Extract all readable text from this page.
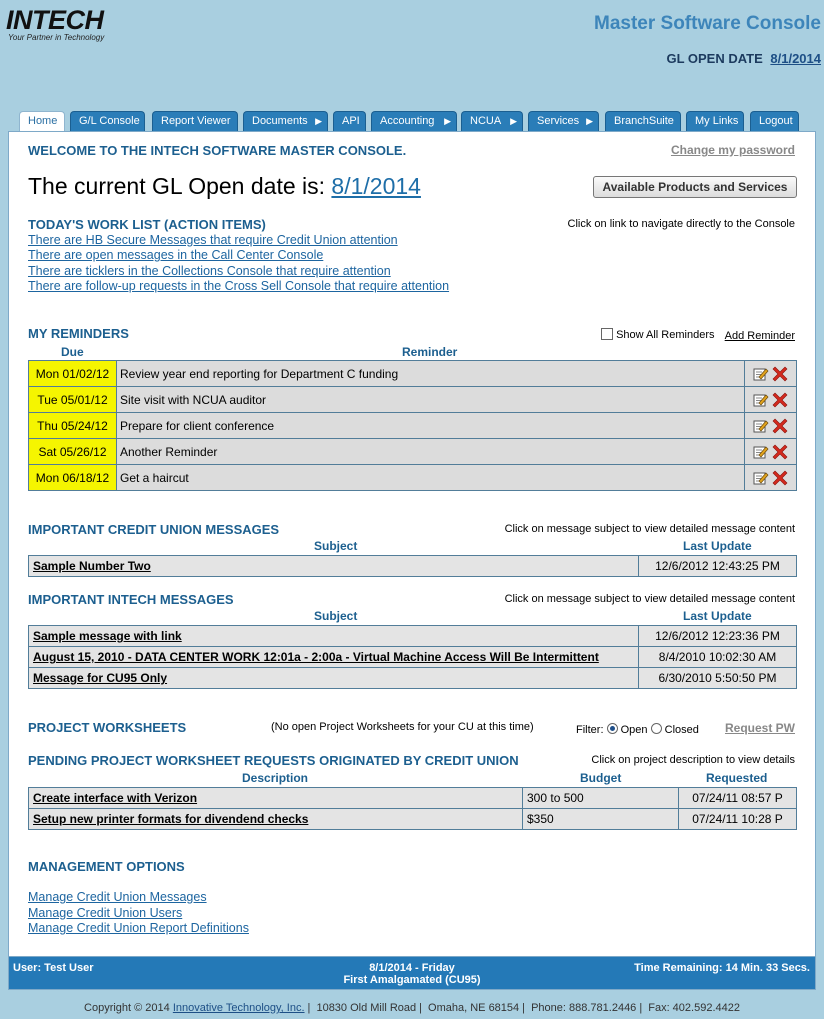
INTECH
Your Partner in Technology
Master Software Console
GL OPEN DATE 8/1/2014
Home	G/L Console	Report Viewer	Documents ▶	API	Accounting ▶	NCUA ▶	Services ▶	BranchSuite	My Links	Logout
WELCOME TO THE INTECH SOFTWARE MASTER CONSOLE.	Change my password
The current GL Open date is: 8/1/2014	Available Products and Services
TODAY'S WORK LIST (ACTION ITEMS)	Click on link to navigate directly to the Console
There are HB Secure Messages that require Credit Union attention
There are open messages in the Call Center Console
There are ticklers in the Collections Console that require attention
There are follow-up requests in the Cross Sell Console that require attention
MY REMINDERS	Show All Reminders Add Reminder
Due	Reminder
Mon 01/02/12	Review year end reporting for Department C funding	
Tue 05/01/12	Site visit with NCUA auditor	
Thu 05/24/12	Prepare for client conference	
Sat 05/26/12	Another Reminder	
Mon 06/18/12	Get a haircut	
IMPORTANT CREDIT UNION MESSAGES	Click on message subject to view detailed message content
Subject	Last Update
Sample Number Two	12/6/2012 12:43:25 PM
IMPORTANT INTECH MESSAGES	Click on message subject to view detailed message content
Subject	Last Update
Sample message with link	12/6/2012 12:23:36 PM
August 15, 2010 - DATA CENTER WORK 12:01a - 2:00a - Virtual Machine Access Will Be Intermittent	8/4/2010 10:02:30 AM
Message for CU95 Only	6/30/2010 5:50:50 PM
PROJECT WORKSHEETS	(No open Project Worksheets for your CU at this time)	Filter: Open Closed Request PW
PENDING PROJECT WORKSHEET REQUESTS ORIGINATED BY CREDIT UNION	Click on project description to view details
Description	Budget	Requested
Create interface with Verizon	300 to 500	07/24/11 08:57 P
Setup new printer formats for divendend checks	$350	07/24/11 10:28 P
MANAGEMENT OPTIONS
Manage Credit Union Messages
Manage Credit Union Users
Manage Credit Union Report Definitions
User: Test User	8/1/2014 - Friday
First Amalgamated (CU95)
Time Remaining: 14 Min. 33 Secs.
Copyright © 2014 Innovative Technology, Inc. | 10830 Old Mill Road | Omaha, NE 68154 | Phone: 888.781.2446 | Fax: 402.592.4422
